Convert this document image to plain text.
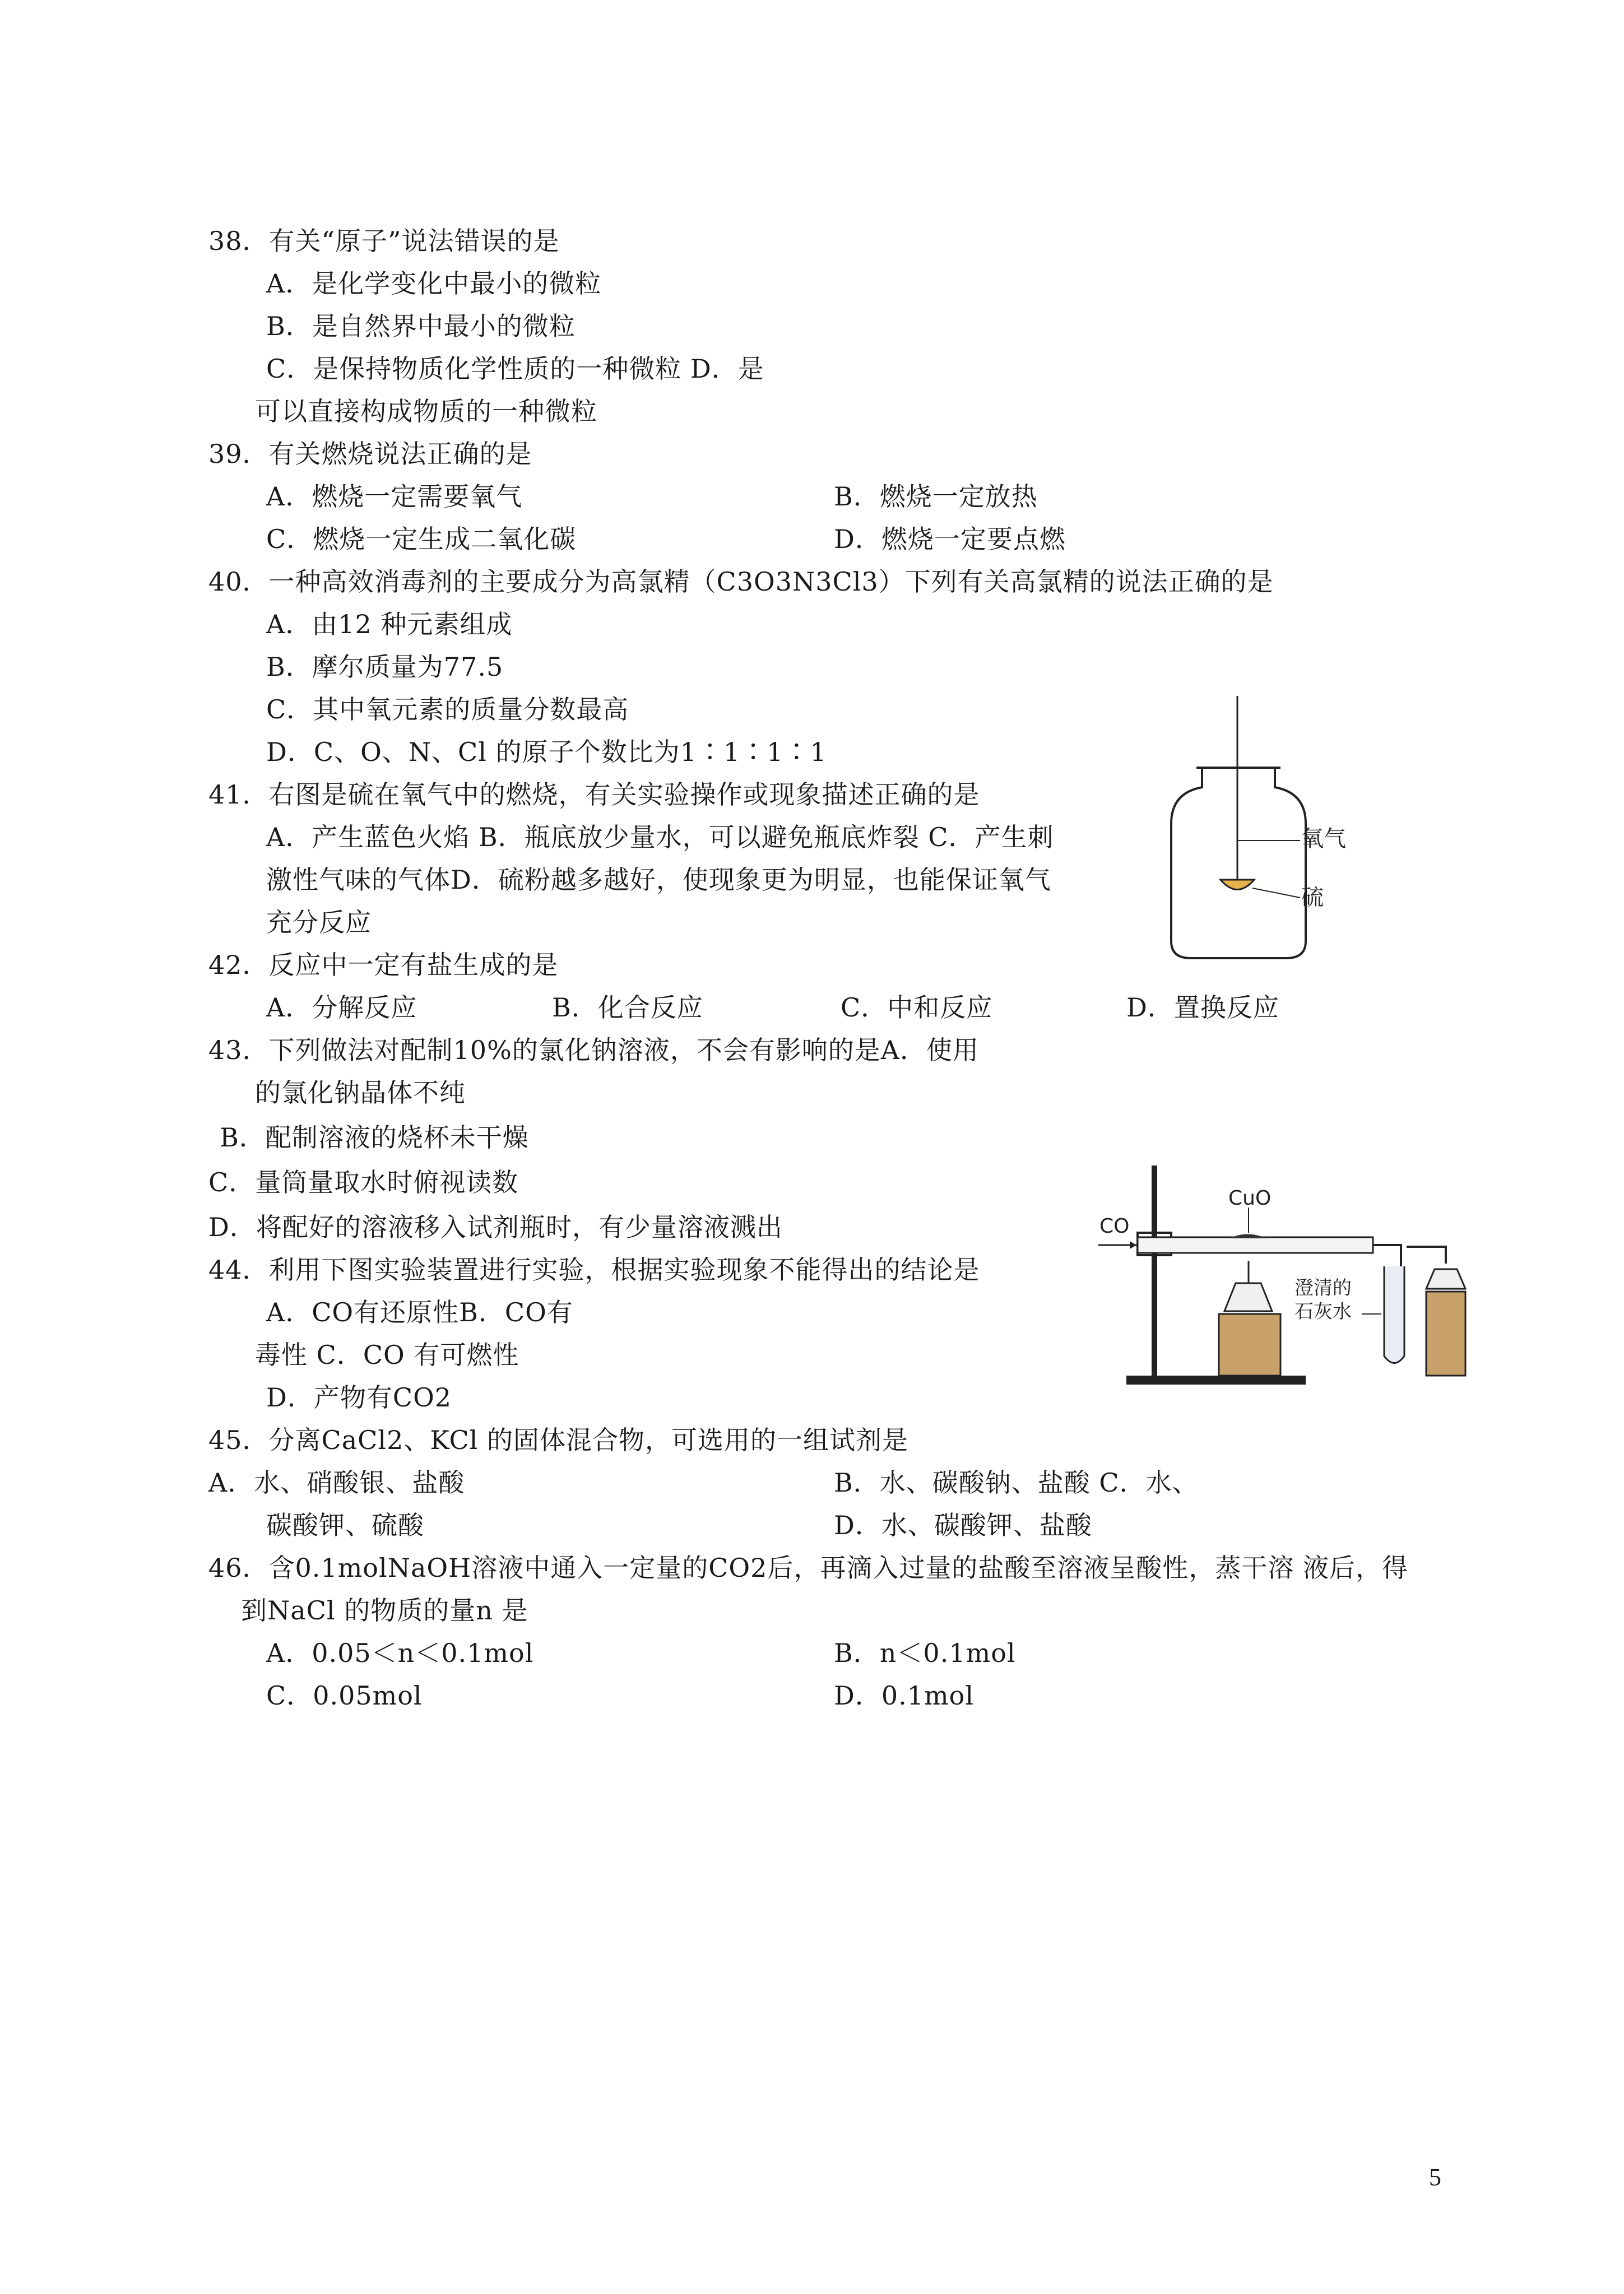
38．有关“原子”说法错误的是
A．是化学变化中最小的微粒
B．是自然界中最小的微粒
C．是保持物质化学性质的一种微粒 D．是
可以直接构成物质的一种微粒
39．有关燃烧说法正确的是
A．燃烧一定需要氧气	B．燃烧一定放热
C．燃烧一定生成二氧化碳	D．燃烧一定要点燃
40．一种高效消毒剂的主要成分为高氯精（C3O3N3Cl3）下列有关高氯精的说法正确的是
A．由12 种元素组成
B．摩尔质量为77.5
C．其中氧元素的质量分数最高
D．C、O、N、Cl 的原子个数比为1∶1∶1∶1
41．右图是硫在氧气中的燃烧，有关实验操作或现象描述正确的是
A．产生蓝色火焰 B．瓶底放少量水，可以避免瓶底炸裂 C．产生刺
激性气味的气体D．硫粉越多越好，使现象更为明显，也能保证氧气
充分反应
氧气
硫
42．反应中一定有盐生成的是
A．分解反应	B．化合反应	C．中和反应	D．置换反应
43．下列做法对配制10%的氯化钠溶液，不会有影响的是A．使用
的氯化钠晶体不纯
B．配制溶液的烧杯未干燥
C．量筒量取水时俯视读数
D．将配好的溶液移入试剂瓶时，有少量溶液溅出	CO
CuO
澄清的
石灰水
44．利用下图实验装置进行实验，根据实验现象不能得出的结论是
A．CO有还原性B．CO有
毒性 C．CO 有可燃性
D．产物有CO2
45．分离CaCl2、KCl 的固体混合物，可选用的一组试剂是
A．水、硝酸银、盐酸	B．水、碳酸钠、盐酸 C．水、
碳酸钾、硫酸	D．水、碳酸钾、盐酸
46．含0.1molNaOH溶液中通入一定量的CO2后，再滴入过量的盐酸至溶液呈酸性，蒸干溶 液后，得
到NaCl 的物质的量n 是
A．0.05＜n＜0.1mol	B．n＜0.1mol
C．0.05mol	D．0.1mol
5
